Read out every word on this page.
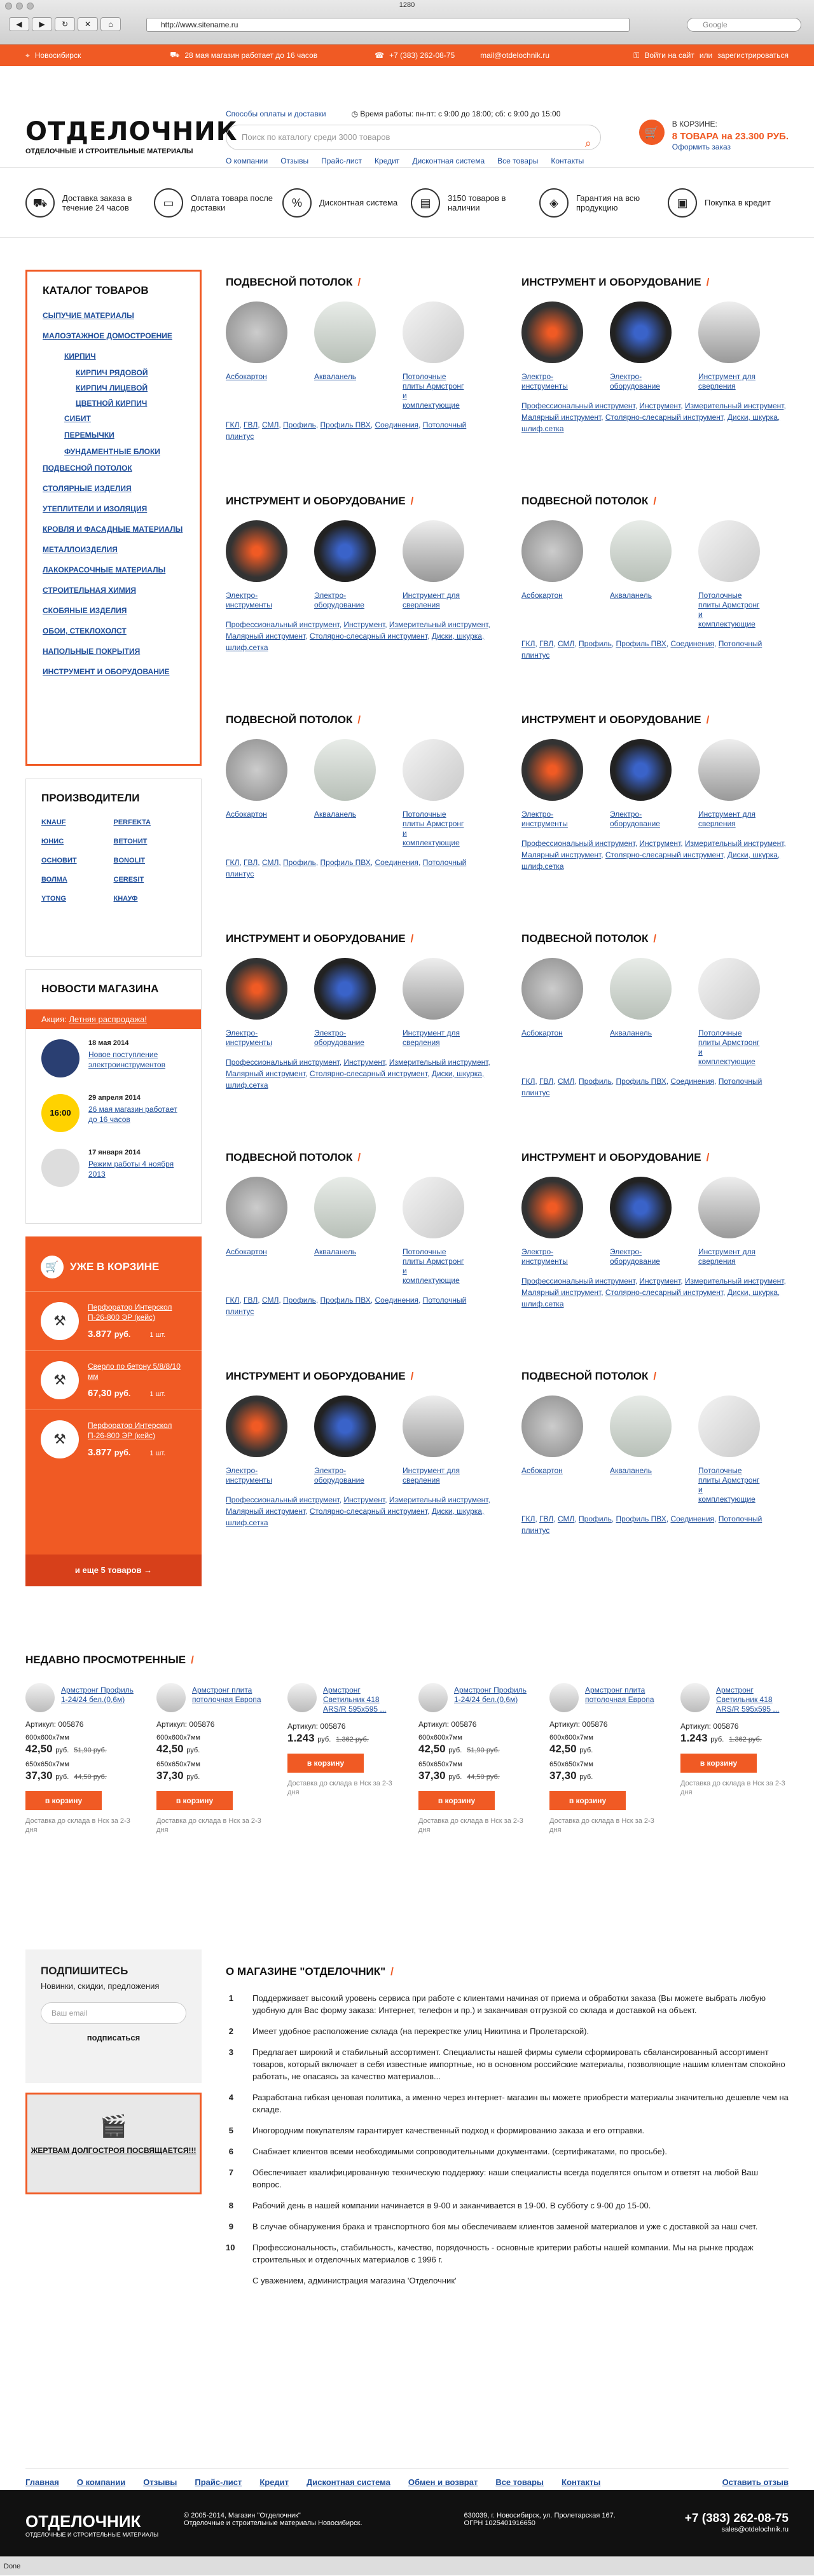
1280
◀	▶	↻	✕	⌂	http://www.sitename.ru	Google
⌖ Новосибирск	⛟ 28 мая магазин работает до 16 часов	☎ +7 (383) 262-08-75	mail@otdelochnik.ru	⚿ Войти на сайт или зарегистрироваться
ОТДЕЛОЧНИК
ОТДЕЛОЧНЫЕ И СТРОИТЕЛЬНЫЕ МАТЕРИАЛЫ
Способы оплаты и доставки	◷ Время работы: пн-пт: с 9:00 до 18:00; сб: с 9:00 до 15:00
Поиск по каталогу среди 3000 товаров	⌕
О компании Отзывы Прайс-лист Кредит Дисконтная система Все товары Контакты
🛒
В КОРЗИНЕ:
8 ТОВАРА на 23.300 РУБ.
Оформить заказ
⛟	Доставка заказа в течение 24 часов	▭	Оплата товара после доставки	%	Дисконтная система	▤	3150 товаров в наличии	◈	Гарантия на всю продукцию	▣	Покупка в кредит
КАТАЛОГ ТОВАРОВ
СЫПУЧИЕ МАТЕРИАЛЫ
МАЛОЭТАЖНОЕ ДОМОСТРОЕНИЕ
КИРПИЧ
КИРПИЧ РЯДОВОЙ
КИРПИЧ ЛИЦЕВОЙ
ЦВЕТНОЙ КИРПИЧ
СИБИТ
ПЕРЕМЫЧКИ
ФУНДАМЕНТНЫЕ БЛОКИ
ПОДВЕСНОЙ ПОТОЛОК
СТОЛЯРНЫЕ ИЗДЕЛИЯ
УТЕПЛИТЕЛИ И ИЗОЛЯЦИЯ
КРОВЛЯ И ФАСАДНЫЕ МАТЕРИАЛЫ
МЕТАЛЛОИЗДЕЛИЯ
ЛАКОКРАСОЧНЫЕ МАТЕРИАЛЫ
СТРОИТЕЛЬНАЯ ХИМИЯ
СКОБЯНЫЕ ИЗДЕЛИЯ
ОБОИ, СТЕКЛОХОЛСТ
НАПОЛЬНЫЕ ПОКРЫТИЯ
ИНСТРУМЕНТ И ОБОРУДОВАНИЕ
ПРОИЗВОДИТЕЛИ
KNAUF	PERFEKTA
ЮНИС	ВЕТОНИТ
ОСНОВИТ	BONOLIT
ВОЛМА	CERESIT
YTONG	КНАУФ
НОВОСТИ МАГАЗИНА
Акция: Летняя распродажа!
18 мая 2014
Новое поступление электроинструментов
16:00
29 апреля 2014
26 мая магазин работает до 16 часов
17 января 2014
Режим работы 4 ноября 2013
🛒	УЖЕ В КОРЗИНЕ
⚒
Перфоратор Интерскол П-26-800 ЭР (кейс)
3.877 руб.	1 шт.
⚒
Сверло по бетону 5/8/8/10 мм
67,30 руб.	1 шт.
⚒
Перфоратор Интерскол П-26-800 ЭР (кейс)
3.877 руб.	1 шт.
и еще 5 товаров →
ПОДВЕСНОЙ ПОТОЛОК /
Асбокартон	Акваланель	Потолочные плиты Армстронг и комплектующие
ГКЛ, ГВЛ, СМЛ, Профиль, Профиль ПВХ, Соединения, Потолочный плинтус
ИНСТРУМЕНТ И ОБОРУДОВАНИЕ /
Электро-инструменты
Электро-оборудование
Инструмент для сверления
Профессиональный инструмент, Инструмент, Измерительный инструмент, Малярный инструмент, Столярно-слесарный инструмент, Диски, шкурка, шлиф.сетка
ИНСТРУМЕНТ И ОБОРУДОВАНИЕ /
Электро-инструменты
Электро-оборудование
Инструмент для сверления
Профессиональный инструмент, Инструмент, Измерительный инструмент, Малярный инструмент, Столярно-слесарный инструмент, Диски, шкурка, шлиф.сетка
ПОДВЕСНОЙ ПОТОЛОК /
Асбокартон	Акваланель	Потолочные плиты Армстронг и комплектующие
ГКЛ, ГВЛ, СМЛ, Профиль, Профиль ПВХ, Соединения, Потолочный плинтус
ПОДВЕСНОЙ ПОТОЛОК /
Асбокартон	Акваланель	Потолочные плиты Армстронг и комплектующие
ГКЛ, ГВЛ, СМЛ, Профиль, Профиль ПВХ, Соединения, Потолочный плинтус
ИНСТРУМЕНТ И ОБОРУДОВАНИЕ /
Электро-инструменты
Электро-оборудование
Инструмент для сверления
Профессиональный инструмент, Инструмент, Измерительный инструмент, Малярный инструмент, Столярно-слесарный инструмент, Диски, шкурка, шлиф.сетка
ИНСТРУМЕНТ И ОБОРУДОВАНИЕ /
Электро-инструменты
Электро-оборудование
Инструмент для сверления
Профессиональный инструмент, Инструмент, Измерительный инструмент, Малярный инструмент, Столярно-слесарный инструмент, Диски, шкурка, шлиф.сетка
ПОДВЕСНОЙ ПОТОЛОК /
Асбокартон	Акваланель	Потолочные плиты Армстронг и комплектующие
ГКЛ, ГВЛ, СМЛ, Профиль, Профиль ПВХ, Соединения, Потолочный плинтус
ПОДВЕСНОЙ ПОТОЛОК /
Асбокартон	Акваланель	Потолочные плиты Армстронг и комплектующие
ГКЛ, ГВЛ, СМЛ, Профиль, Профиль ПВХ, Соединения, Потолочный плинтус
ИНСТРУМЕНТ И ОБОРУДОВАНИЕ /
Электро-инструменты
Электро-оборудование
Инструмент для сверления
Профессиональный инструмент, Инструмент, Измерительный инструмент, Малярный инструмент, Столярно-слесарный инструмент, Диски, шкурка, шлиф.сетка
ИНСТРУМЕНТ И ОБОРУДОВАНИЕ /
Электро-инструменты
Электро-оборудование
Инструмент для сверления
Профессиональный инструмент, Инструмент, Измерительный инструмент, Малярный инструмент, Столярно-слесарный инструмент, Диски, шкурка, шлиф.сетка
ПОДВЕСНОЙ ПОТОЛОК /
Асбокартон	Акваланель	Потолочные плиты Армстронг и комплектующие
ГКЛ, ГВЛ, СМЛ, Профиль, Профиль ПВХ, Соединения, Потолочный плинтус
НЕДАВНО ПРОСМОТРЕННЫЕ /
Армстронг Профиль 1-24/24 бел.(0,6м)
Артикул: 005876
600x600x7мм
42,50 руб. 51,90 руб.
650x650x7мм
37,30 руб. 44,50 руб.
в корзину
Доставка до склада в Нск за 2-3 дня
Армстронг плита потолочная Европа
Артикул: 005876
600x600x7мм
42,50 руб.
650x650x7мм
37,30 руб.
в корзину
Доставка до склада в Нск за 2-3 дня
Армстронг Светильник 418 ARS/R 595x595 ...
Артикул: 005876
1.243 руб. 1.362 руб.
в корзину
Доставка до склада в Нск за 2-3 дня
Армстронг Профиль 1-24/24 бел.(0,6м)
Артикул: 005876
600x600x7мм
42,50 руб. 51,90 руб.
650x650x7мм
37,30 руб. 44,50 руб.
в корзину
Доставка до склада в Нск за 2-3 дня
Армстронг плита потолочная Европа
Артикул: 005876
600x600x7мм
42,50 руб.
650x650x7мм
37,30 руб.
в корзину
Доставка до склада в Нск за 2-3 дня
Армстронг Светильник 418 ARS/R 595x595 ...
Артикул: 005876
1.243 руб. 1.362 руб.
в корзину
Доставка до склада в Нск за 2-3 дня
ПОДПИШИТЕСЬ
Новинки, скидки, предложения
Ваш email
подписаться
🎬
ЖЕРТВАМ ДОЛГОСТРОЯ ПОСВЯЩАЕТСЯ!!!
О МАГАЗИНЕ "ОТДЕЛОЧНИК" /
1 Поддерживает высокий уровень сервиса при работе с клиентами начиная от приема и обработки заказа (Вы можете выбрать любую удобную для Вас форму заказа: Интернет, телефон и пр.) и заканчивая отгрузкой со склада и доставкой на объект.
2 Имеет удобное расположение склада (на перекрестке улиц Никитина и Пролетарской).
3 Предлагает широкий и стабильный ассортимент. Специалисты нашей фирмы сумели сформировать сбалансированный ассортимент товаров, который включает в себя известные импортные, но в основном российские материалы, позволяющие нашим клиентам спокойно работать, не опасаясь за качество материалов...
4 Разработана гибкая ценовая политика, а именно через интернет- магазин вы можете приобрести материалы значительно дешевле чем на складе.
5 Иногородним покупателям гарантирует качественный подход к формированию заказа и его отправки.
6 Снабжает клиентов всеми необходимыми сопроводительными документами. (сертификатами, по просьбе).
7 Обеспечивает квалифицированную техническую поддержку: наши специалисты всегда поделятся опытом и ответят на любой Ваш вопрос.
8 Рабочий день в нашей компании начинается в 9-00 и заканчивается в 19-00. В субботу с 9-00 до 15-00.
9 В случае обнаружения брака и транспортного боя мы обеспечиваем клиентов заменой материалов и уже с доставкой за наш счет.
10 Профессиональность, стабильность, качество, порядочность - основные критерии работы нашей компании. Мы на рынке продаж строительных и отделочных материалов с 1996 г.
С уважением, администрация магазина 'Отделочник'
Главная О компании Отзывы Прайс-лист Кредит Дисконтная система Обмен и возврат Все товары Контакты	Оставить отзыв
ОТДЕЛОЧНИК
ОТДЕЛОЧНЫЕ И СТРОИТЕЛЬНЫЕ МАТЕРИАЛЫ
© 2005-2014, Магазин "Отделочник"
Отделочные и строительные материалы Новосибирск.
630039, г. Новосибирск, ул. Пролетарская 167.
ОГРН 1025401916650	+7 (383) 262-08-75
sales@otdelochnik.ru
Done
